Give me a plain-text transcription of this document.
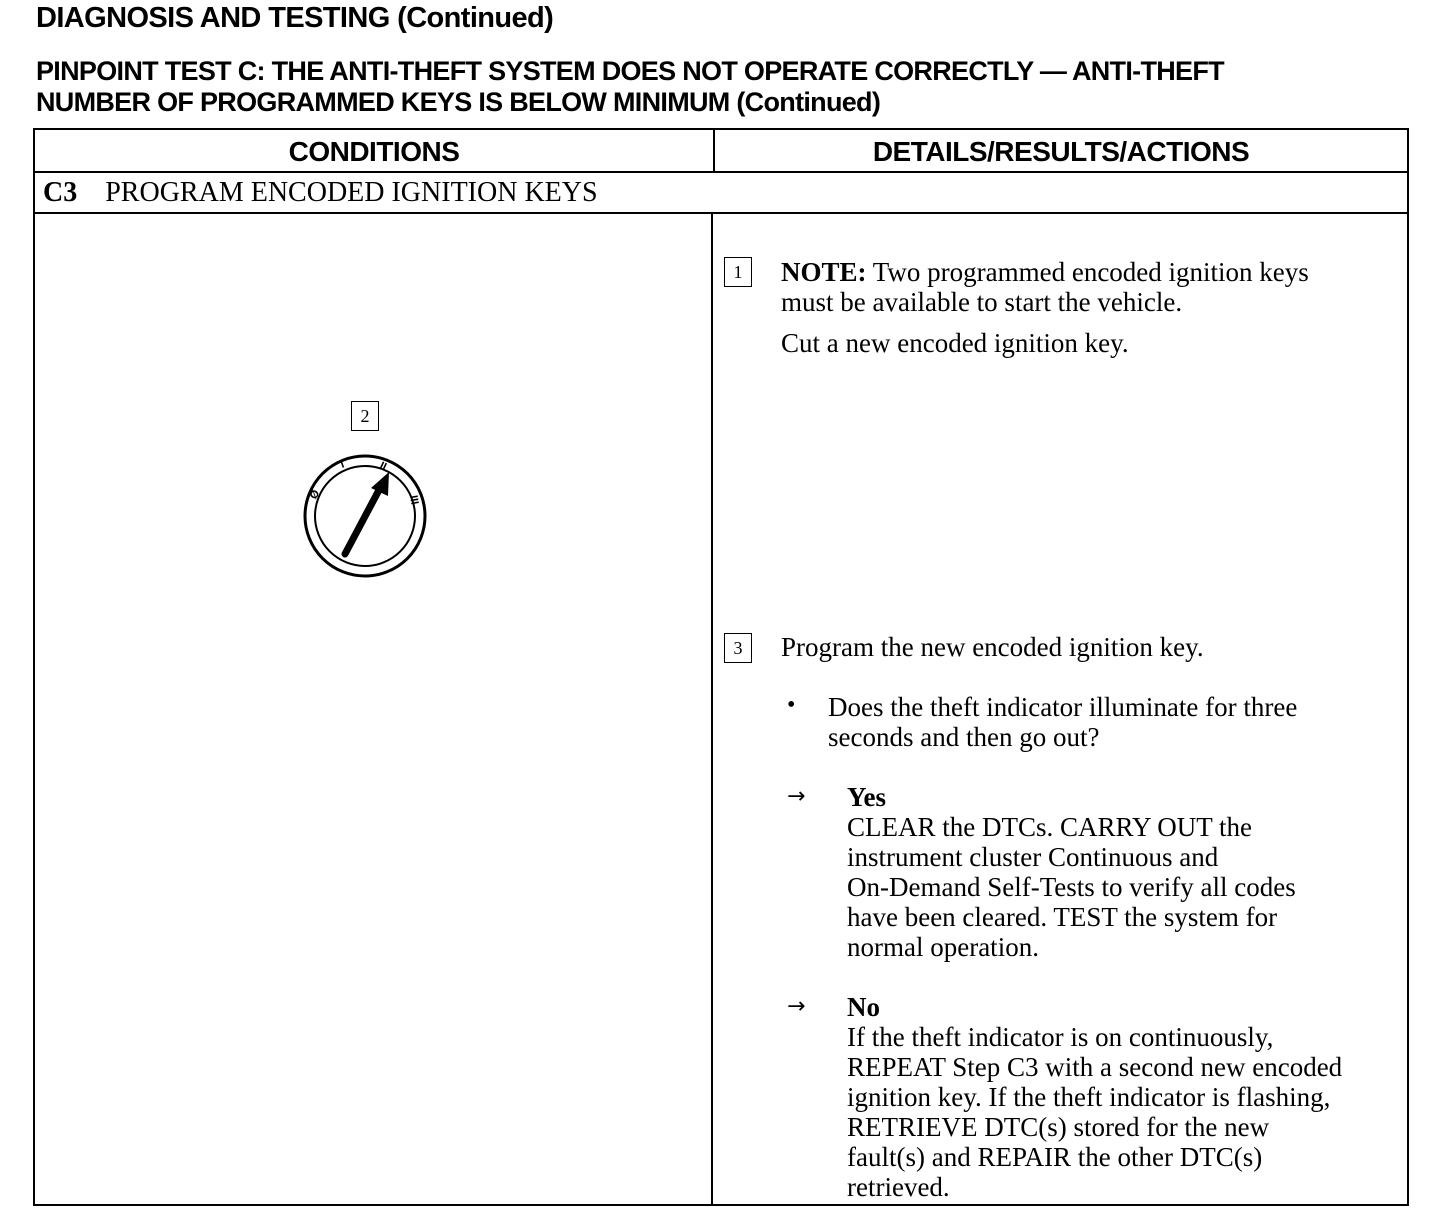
DIAGNOSIS AND TESTING (Continued)
PINPOINT TEST C: THE ANTI-THEFT SYSTEM DOES NOT OPERATE CORRECTLY — ANTI-THEFT
NUMBER OF PROGRAMMED KEYS IS BELOW MINIMUM (Continued)
CONDITIONS	DETAILS/RESULTS/ACTIONS
C3 PROGRAM ENCODED IGNITION KEYS
2
Ø
I	II
III
1	NOTE: Two programmed encoded ignition keys
must be available to start the vehicle.
Cut a new encoded ignition key.
3	Program the new encoded ignition key.
• Does the theft indicator illuminate for three
seconds and then go out?
→ Yes
CLEAR the DTCs. CARRY OUT the
instrument cluster Continuous and
On-Demand Self-Tests to verify all codes
have been cleared. TEST the system for
normal operation.
→ No
If the theft indicator is on continuously,
REPEAT Step C3 with a second new encoded
ignition key. If the theft indicator is flashing,
RETRIEVE DTC(s) stored for the new
fault(s) and REPAIR the other DTC(s)
retrieved.
